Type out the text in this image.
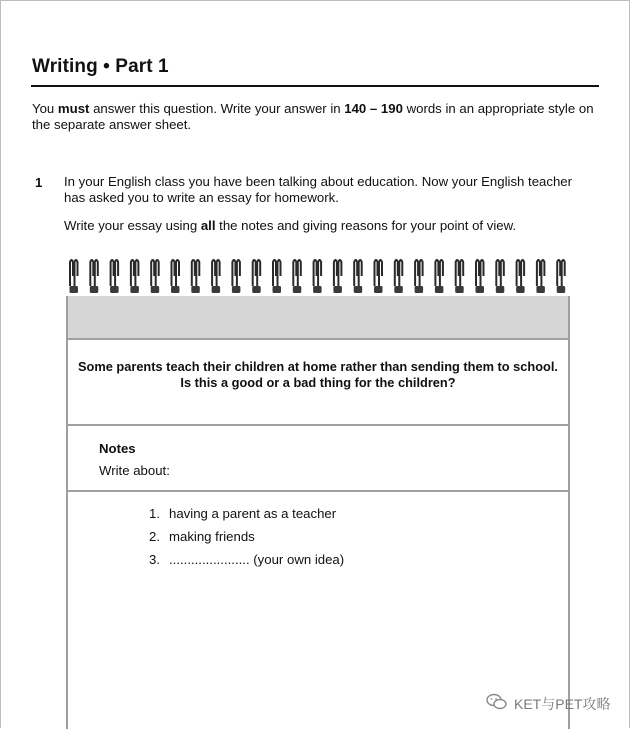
Writing • Part 1
You must answer this question. Write your answer in 140 – 190 words in an appropriate style on the separate answer sheet.
1 In your English class you have been talking about education. Now your English teacher has asked you to write an essay for homework.
Write your essay using all the notes and giving reasons for your point of view.
Some parents teach their children at home rather than sending them to school.
Is this a good or a bad thing for the children?
Notes
Write about:
1. having a parent as a teacher
2. making friends
3. ...................... (your own idea)
KET与PET攻略
